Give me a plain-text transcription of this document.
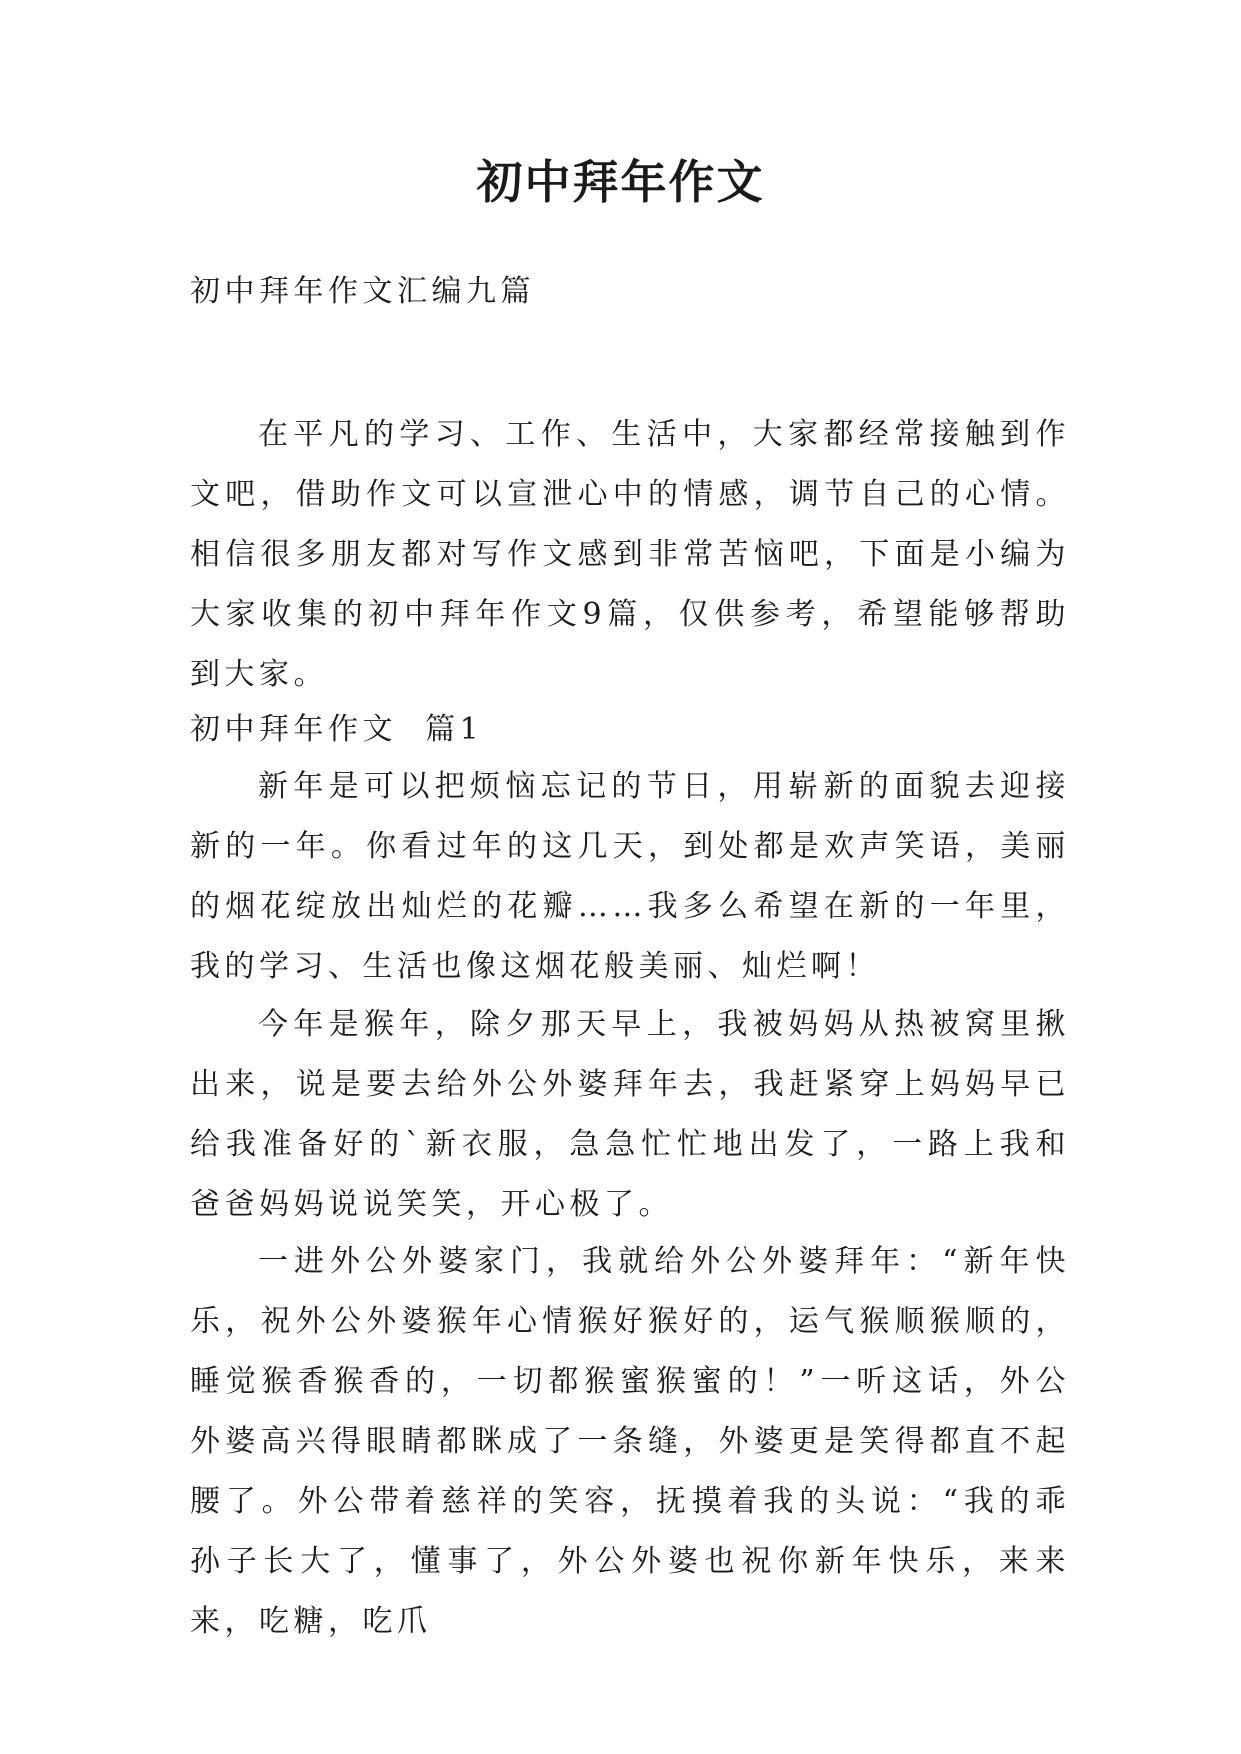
初中拜年作文

初中拜年作文汇编九篇

在平凡的学习、工作、生活中，大家都经常接触到作文吧，借助作文可以宣泄心中的情感，调节自己的心情。相信很多朋友都对写作文感到非常苦恼吧，下面是小编为大家收集的初中拜年作文9篇，仅供参考，希望能够帮助到大家。

初中拜年作文  篇1

新年是可以把烦恼忘记的节日，用崭新的面貌去迎接新的一年。你看过年的这几天，到处都是欢声笑语，美丽的烟花绽放出灿烂的花瓣……我多么希望在新的一年里，我的学习、生活也像这烟花般美丽、灿烂啊！

今年是猴年，除夕那天早上，我被妈妈从热被窝里揪出来，说是要去给外公外婆拜年去，我赶紧穿上妈妈早已给我准备好的`新衣服，急急忙忙地出发了，一路上我和爸爸妈妈说说笑笑，开心极了。

一进外公外婆家门，我就给外公外婆拜年：“新年快乐，祝外公外婆猴年心情猴好猴好的，运气猴顺猴顺的，睡觉猴香猴香的，一切都猴蜜猴蜜的！”一听这话，外公外婆高兴得眼睛都眯成了一条缝，外婆更是笑得都直不起腰了。外公带着慈祥的笑容，抚摸着我的头说：“我的乖孙子长大了，懂事了，外公外婆也祝你新年快乐，来来来，吃糖，吃爪
